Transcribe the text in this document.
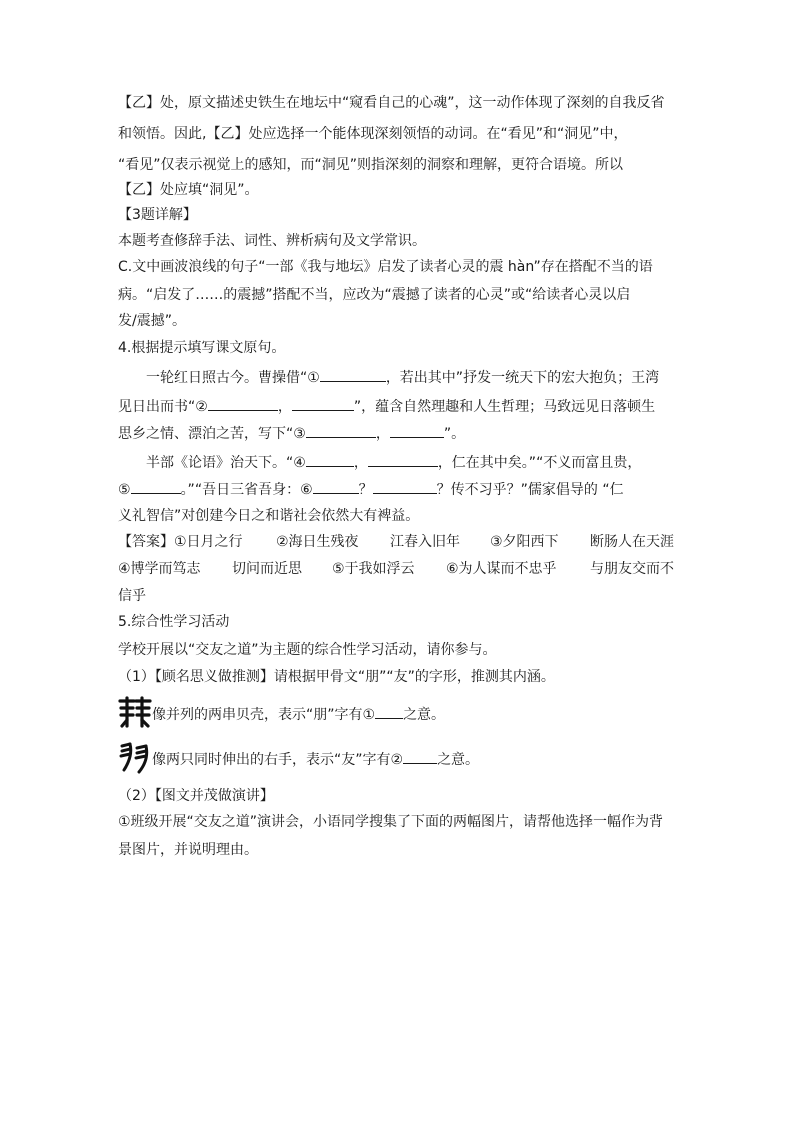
【乙】处，原文描述史铁生在地坛中“窥看自己的心魂”，这一动作体现了深刻的自我反省
和领悟。因此,【乙】处应选择一个能体现深刻领悟的动词。在“看见”和“洞见”中，
“看见”仅表示视觉上的感知，而“洞见”则指深刻的洞察和理解，更符合语境。所以
【乙】处应填“洞见”。
【3题详解】
本题考查修辞手法、词性、辨析病句及文学常识。
C.文中画波浪线的句子“一部《我与地坛》启发了读者心灵的震 hàn”存在搭配不当的语
病。“启发了……的震撼”搭配不当，应改为“震撼了读者的心灵”或“给读者心灵以启
发/震撼”。
4.根据提示填写课文原句。
一轮红日照古今。曹操借“①	，若出其中”抒发一统天下的宏大抱负；王湾
见日出而书“②	，	”，蕴含自然理趣和人生哲理；马致远见日落顿生
思乡之情、漂泊之苦，写下“③	，	”。
半部《论语》治天下。“④	，	，仁在其中矣。”“不义而富且贵，
⑤	。”“吾日三省吾身：⑥	？	？传不习乎？”儒家倡导的 “仁
义礼智信”对创建今日之和谐社会依然大有裨益。
【答案】①日月之行 ②海日生残夜 江春入旧年 ③夕阳西下 断肠人在天涯
④博学而笃志 切问而近思 ⑤于我如浮云 ⑥为人谋而不忠乎 与朋友交而不
信乎
5.综合性学习活动
学校开展以“交友之道”为主题的综合性学习活动，请你参与。
（1）【顾名思义做推测】请根据甲骨文“朋”“友”的字形，推测其内涵。
像并列的两串贝壳，表示“朋”字有① 之意。
像两只同时伸出的右手，表示“友”字有② 之意。
（2）【图文并茂做演讲】
①班级开展“交友之道”演讲会，小语同学搜集了下面的两幅图片，请帮他选择一幅作为背
景图片，并说明理由。
